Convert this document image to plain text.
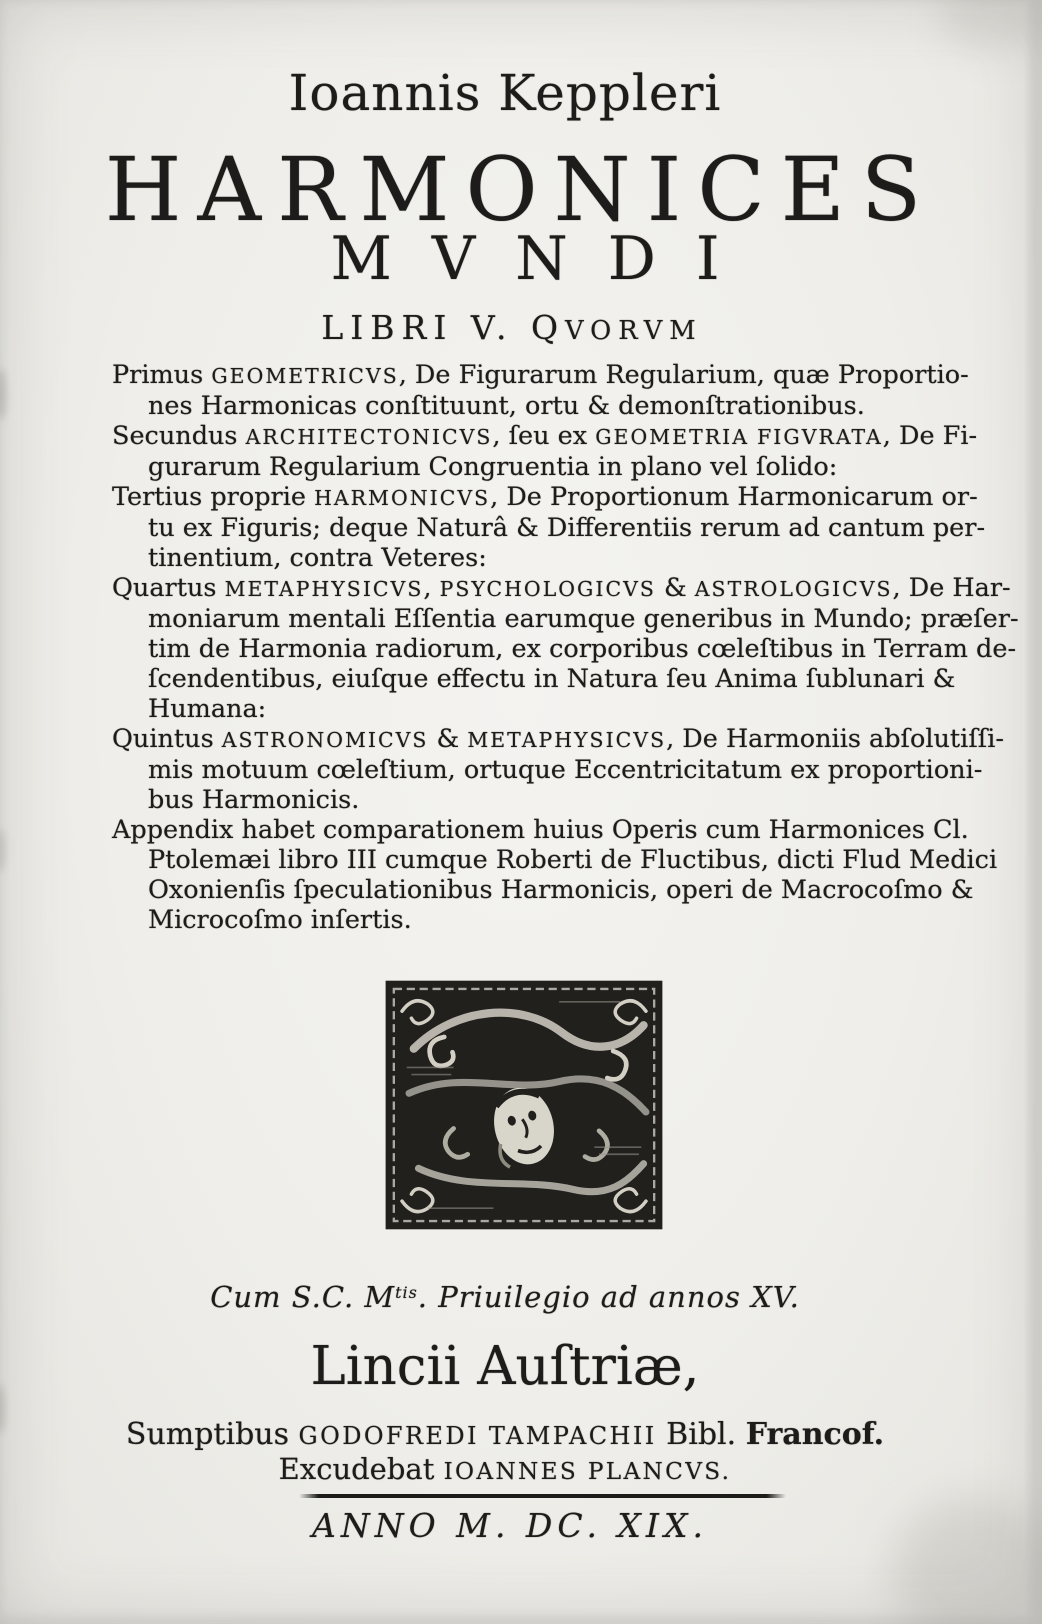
Ioannis Keppleri
HARMONICES
MVNDI
LIBRI V. QVORVM
Primus GEOMETRICVS, De Figurarum Regularium, quæ Proportio-
nes Harmonicas conſtituunt, ortu & demonſtrationibus.
Secundus ARCHITECTONICVS, ſeu ex GEOMETRIA FIGVRATA, De Fi-
gurarum Regularium Congruentia in plano vel ſolido:
Tertius proprie HARMONICVS, De Proportionum Harmonicarum or-
tu ex Figuris; deque Naturâ & Differentiis rerum ad cantum per-
tinentium, contra Veteres:
Quartus METAPHYSICVS, PSYCHOLOGICVS & ASTROLOGICVS, De Har-
moniarum mentali Eſſentia earumque generibus in Mundo; præſer-
tim de Harmonia radiorum, ex corporibus cœleſtibus in Terram de-
ſcendentibus, eiuſque effectu in Natura ſeu Anima ſublunari &
Humana:
Quintus ASTRONOMICVS & METAPHYSICVS, De Harmoniis abſolutiſſi-
mis motuum cœleſtium, ortuque Eccentricitatum ex proportioni-
bus Harmonicis.
Appendix habet comparationem huius Operis cum Harmonices Cl.
Ptolemæi libro III cumque Roberti de Fluctibus, dicti Flud Medici
Oxonienſis ſpeculationibus Harmonicis, operi de Macrocoſmo &
Microcoſmo inſertis.
Cum S.C. $M^{tis}$. Priuilegio ad annos XV.
Lincii Auſtriæ,
Sumptibus GODOFREDI TAMPACHII Bibl. Francof.
Excudebat IOANNES PLANCVS.
ANNO M. DC. XIX.
